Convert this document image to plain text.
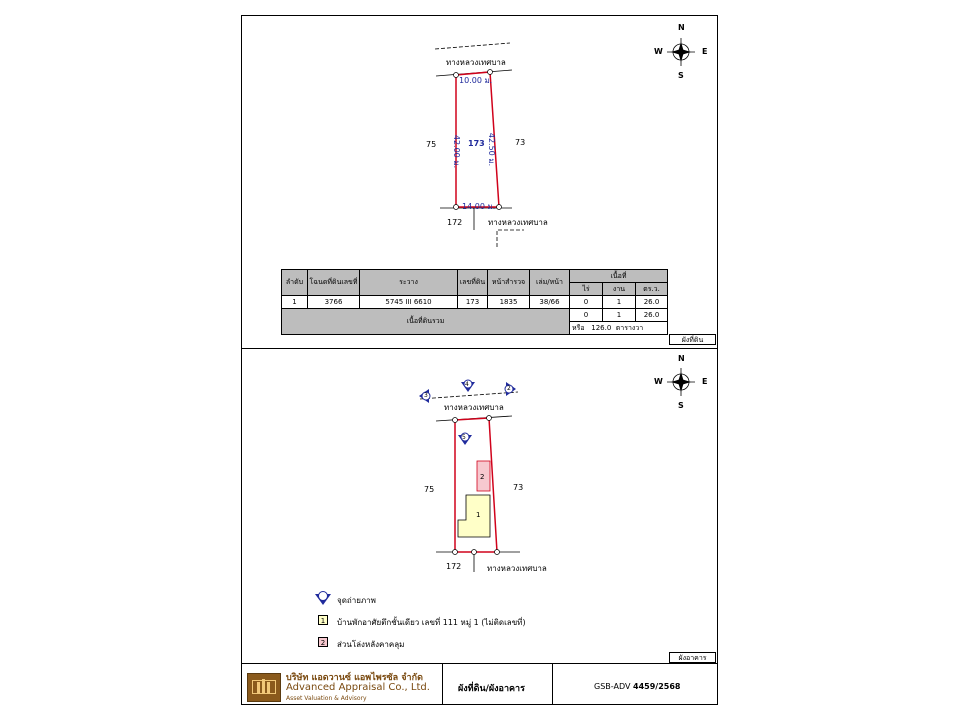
N
S
W	E
N
S
W	E
ทางหลวงเทศบาล
10.00 ม.
42.00 ม.	42.50 ม.
173
75	73
14.00 ม.
172	ทางหลวงเทศบาล
ลำดับ	โฉนดที่ดินเลขที่	ระวาง	เลขที่ดิน	หน้าสำรวจ	เล่ม/หน้า	เนื้อที่		
						ไร่	งาน	ตร.ว.
1	3766	5745 III 6610	173	1835	38/66	0	1	26.0
เนื้อที่ดินรวม						0	1	26.0
						หรือ 126.0 ตารางวา		
ผังที่ดิน
ทางหลวงเทศบาล
75	73
172	ทางหลวงเทศบาล
2
1
4
2
3
5
จุดถ่ายภาพ
1	บ้านพักอาศัยตึกชั้นเดียว เลขที่ 111 หมู่ 1 (ไม่ติดเลขที่)
2	ส่วนโล่งหลังคาคลุม
ผังอาคาร
บริษัท แอดวานซ์ แอพไพรซัล จำกัด
Advanced Appraisal Co., Ltd.
Asset Valuation & Advisory
ผังที่ดิน/ผังอาคาร	GSB-ADV 4459/2568
